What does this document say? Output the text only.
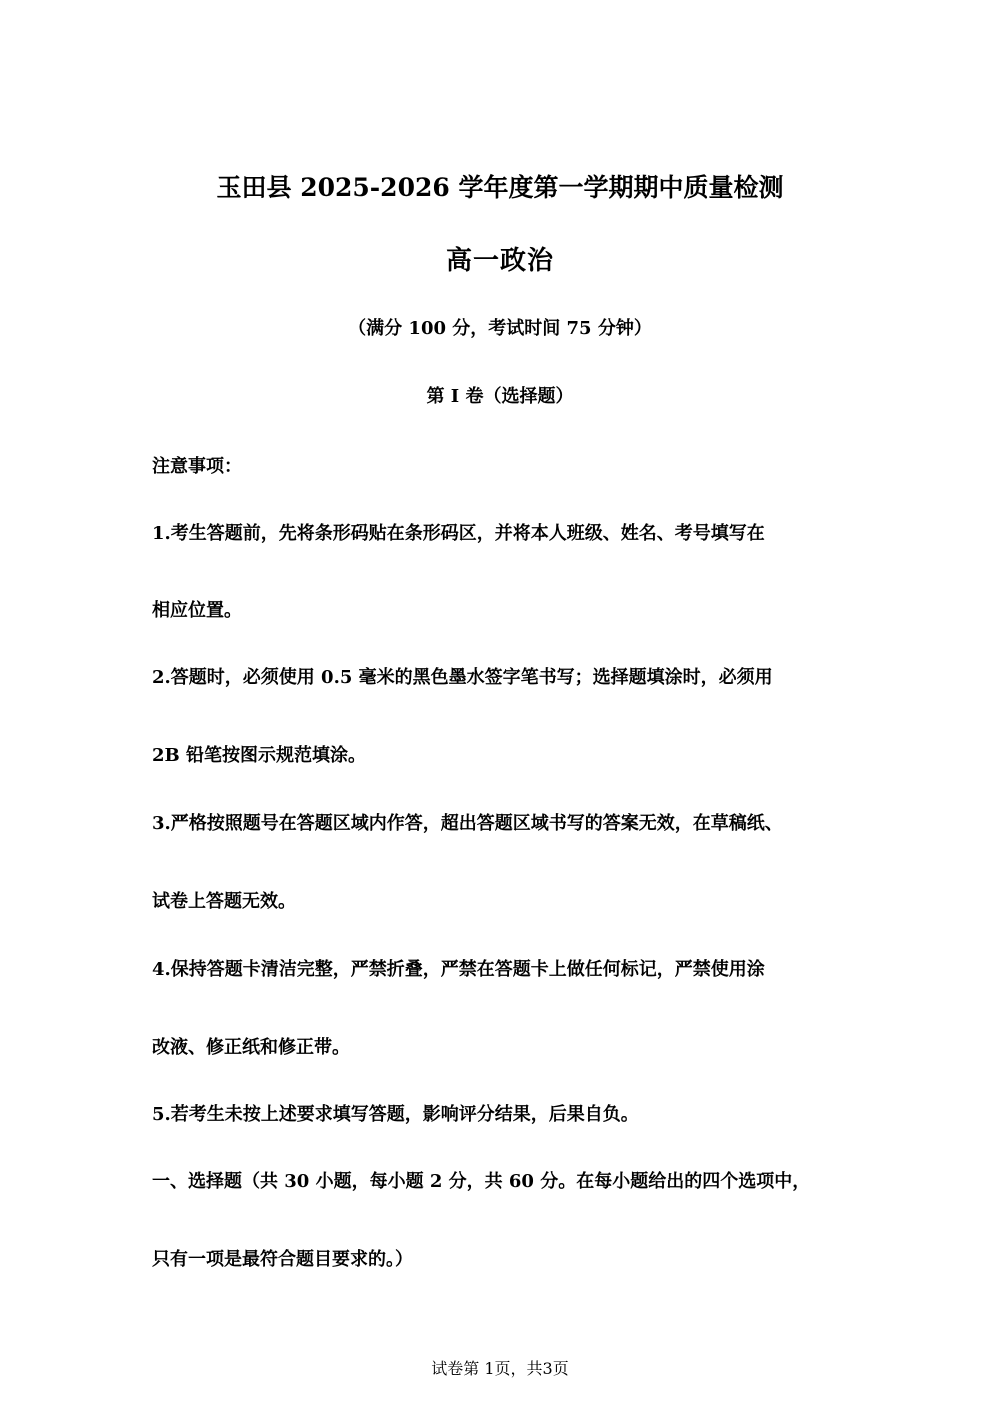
玉田县 2025-2026 学年度第一学期期中质量检测
高一政治
（满分 100 分，考试时间 75 分钟）
第 I 卷（选择题）
注意事项：
1.考生答题前，先将条形码贴在条形码区，并将本人班级、姓名、考号填写在
相应位置。
2.答题时，必须使用 0.5 毫米的黑色墨水签字笔书写；选择题填涂时，必须用
2B 铅笔按图示规范填涂。
3.严格按照题号在答题区域内作答，超出答题区域书写的答案无效，在草稿纸、
试卷上答题无效。
4.保持答题卡清洁完整，严禁折叠，严禁在答题卡上做任何标记，严禁使用涂
改液、修正纸和修正带。
5.若考生未按上述要求填写答题，影响评分结果，后果自负。
一、选择题（共 30 小题，每小题 2 分，共 60 分。在每小题给出的四个选项中，
只有一项是最符合题目要求的。）
试卷第 1页，共3页
